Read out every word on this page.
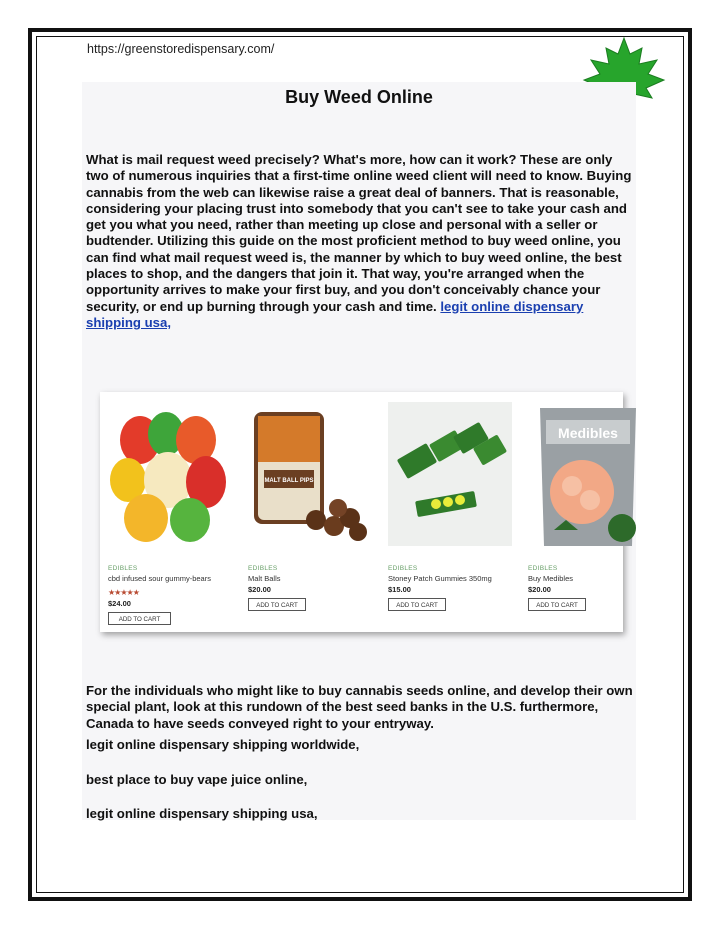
https://greenstoredispensary.com/
Buy Weed Online
What is mail request weed precisely? What's more, how can it work? These are only two of numerous inquiries that a first-time online weed client will need to know. Buying cannabis from the web can likewise raise a great deal of banners. That is reasonable, considering your placing trust into somebody that you can't see to take your cash and get you what you need, rather than meeting up close and personal with a seller or budtender. Utilizing this guide on the most proficient method to buy weed online, you can find what mail request weed is, the manner by which to buy weed online, the best places to shop, and the dangers that join it. That way, you're arranged when the opportunity arrives to make your first buy, and you don't conceivably chance your security, or end up burning through your cash and time. legit online dispensary shipping usa,
EDIBLES
cbd infused sour gummy-bears
★★★★★
$24.00
ADD TO CART
MALT BALL PIPS
EDIBLES
Malt Balls
$20.00
ADD TO CART
EDIBLES
Stoney Patch Gummies 350mg
$15.00
ADD TO CART
Medibles
EDIBLES
Buy Medibles
$20.00
ADD TO CART
For the individuals who might like to buy cannabis seeds online, and develop their own special plant, look at this rundown of the best seed banks in the U.S. furthermore, Canada to have seeds conveyed right to your entryway.
legit online dispensary shipping worldwide,
best place to buy vape juice online,
legit online dispensary shipping usa,
